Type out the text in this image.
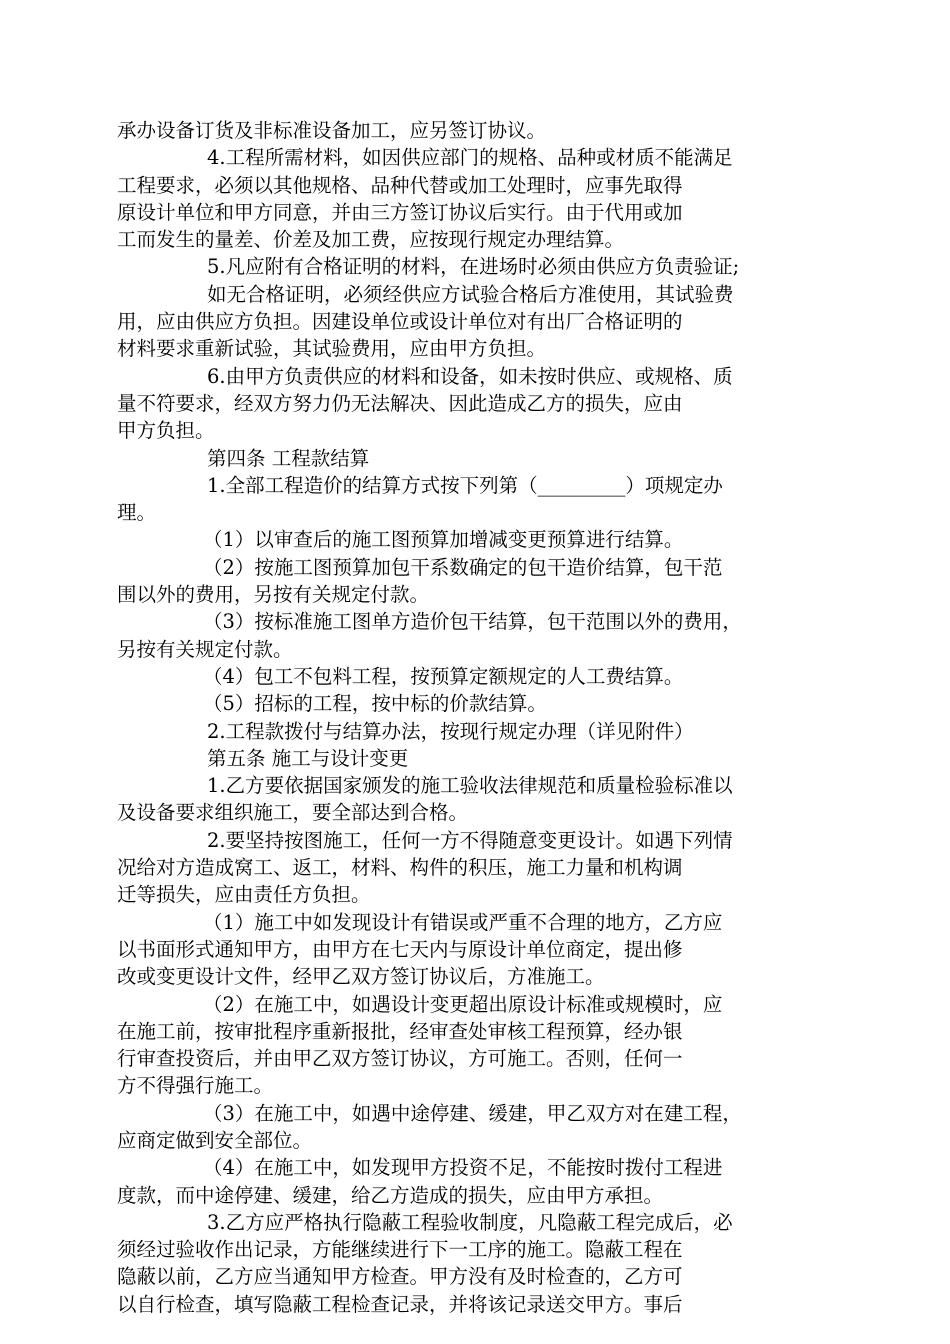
承办设备订货及非标准设备加工，应另签订协议。
4.工程所需材料，如因供应部门的规格、品种或材质不能满足
工程要求，必须以其他规格、品种代替或加工处理时，应事先取得
原设计单位和甲方同意，并由三方签订协议后实行。由于代用或加
工而发生的量差、价差及加工费，应按现行规定办理结算。
5.凡应附有合格证明的材料，在进场时必须由供应方负责验证;
如无合格证明，必须经供应方试验合格后方准使用，其试验费
用，应由供应方负担。因建设单位或设计单位对有出厂合格证明的
材料要求重新试验，其试验费用，应由甲方负担。
6.由甲方负责供应的材料和设备，如未按时供应、或规格、质
量不符要求，经双方努力仍无法解决、因此造成乙方的损失，应由
甲方负担。
第四条 工程款结算
1.全部工程造价的结算方式按下列第（_________）项规定办
理。
（1）以审查后的施工图预算加增减变更预算进行结算。
（2）按施工图预算加包干系数确定的包干造价结算，包干范
围以外的费用，另按有关规定付款。
（3）按标准施工图单方造价包干结算，包干范围以外的费用，
另按有关规定付款。
（4）包工不包料工程，按预算定额规定的人工费结算。
（5）招标的工程，按中标的价款结算。
2.工程款拨付与结算办法，按现行规定办理（详见附件）
第五条 施工与设计变更
1.乙方要依据国家颁发的施工验收法律规范和质量检验标准以
及设备要求组织施工，要全部达到合格。
2.要坚持按图施工，任何一方不得随意变更设计。如遇下列情
况给对方造成窝工、返工，材料、构件的积压，施工力量和机构调
迁等损失，应由责任方负担。
（1）施工中如发现设计有错误或严重不合理的地方，乙方应
以书面形式通知甲方，由甲方在七天内与原设计单位商定，提出修
改或变更设计文件，经甲乙双方签订协议后，方准施工。
（2）在施工中，如遇设计变更超出原设计标准或规模时，应
在施工前，按审批程序重新报批，经审查处审核工程预算，经办银
行审查投资后，并由甲乙双方签订协议，方可施工。否则，任何一
方不得强行施工。
（3）在施工中，如遇中途停建、缓建，甲乙双方对在建工程，
应商定做到安全部位。
（4）在施工中，如发现甲方投资不足，不能按时拨付工程进
度款，而中途停建、缓建，给乙方造成的损失，应由甲方承担。
3.乙方应严格执行隐蔽工程验收制度，凡隐蔽工程完成后，必
须经过验收作出记录，方能继续进行下一工序的施工。隐蔽工程在
隐蔽以前，乙方应当通知甲方检查。甲方没有及时检查的，乙方可
以自行检查，填写隐蔽工程检查记录，并将该记录送交甲方。事后
